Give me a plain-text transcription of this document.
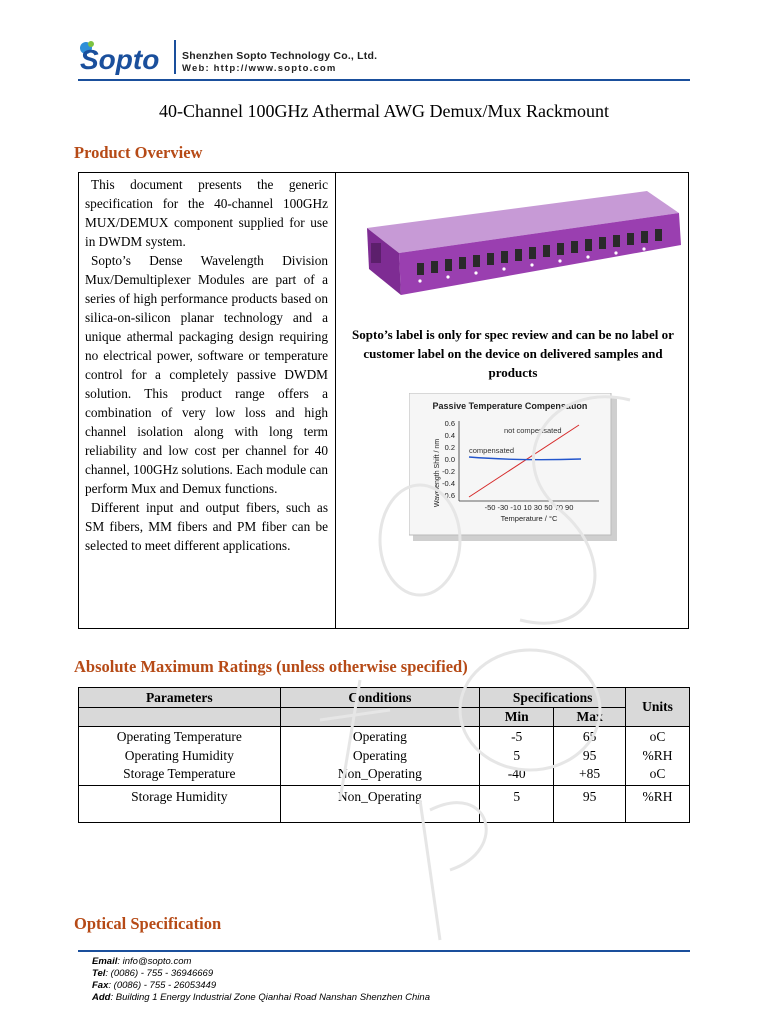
Sopto Shenzhen Sopto Technology Co., Ltd.
Web: http://www.sopto.com
40-Channel 100GHz Athermal AWG Demux/Mux Rackmount
Product Overview

This document presents the generic specification for the 40-channel 100GHz MUX/DEMUX component supplied for use in DWDM system.

Sopto’s Dense Wavelength Division Mux/Demultiplexer Modules are part of a series of high performance products based on silica-on-silicon planar technology and a unique athermal packaging design requiring no electrical power, software or temperature control for a completely passive DWDM solution. This product range offers a combination of very low loss and high channel isolation along with long term reliability and low cost per channel for 40 channel, 100GHz solutions. Each module can perform Mux and Demux functions.

Different input and output fibers, such as SM fibers, MM fibers and PM fiber can be selected to meet different applications.

Sopto’s label is only for spec review and can be no label or customer label on the device on delivered samples and products
Passive Temperature Compensation
Wavelength Shift / nm
0.6
0.4
0.2
0.0
-0.2
-0.4
-0.6
-50 -30 -10 10 30 50 70 90
Temperature / °C
not compensated
compensated
Absolute Maximum Ratings (unless otherwise specified)
Parameters	Conditions	Specifications		Units
		Min	Max	
Operating Temperature	Operating	-5	65	oC
Operating Humidity	Operating	5	95	%RH
Storage Temperature	Non_Operating	-40	+85	oC
Storage Humidity	Non_Operating	5	95	%RH
Optical Specification
Email: info@sopto.com
Tel: (0086) - 755 - 36946669
Fax: (0086) - 755 - 26053449
Add: Building 1 Energy Industrial Zone Qianhai Road Nanshan Shenzhen China
